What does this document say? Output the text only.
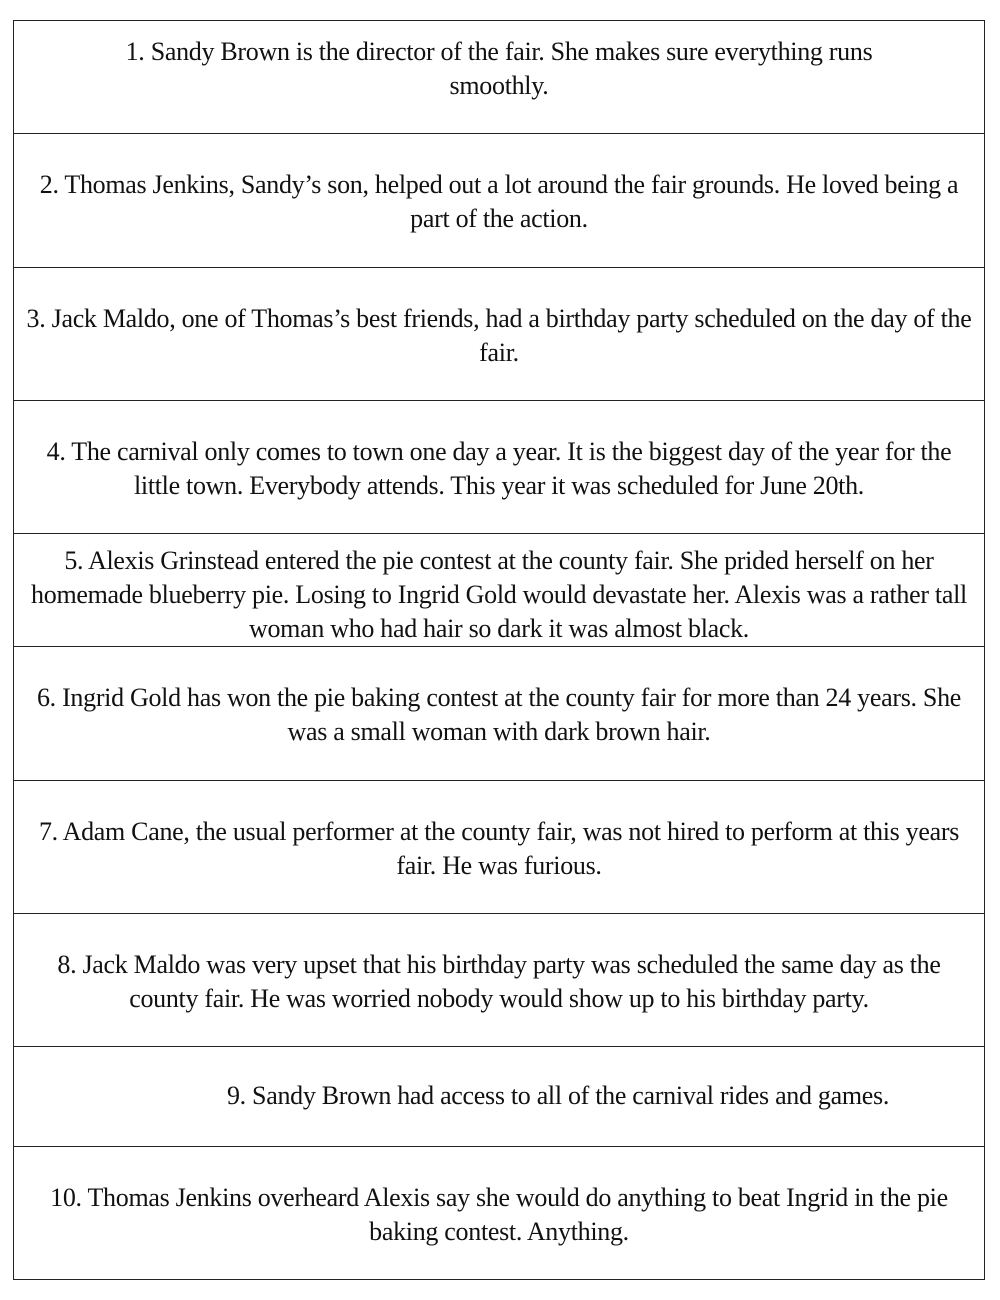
1. Sandy Brown is the director of the fair. She makes sure everything runs smoothly.
2. Thomas Jenkins, Sandy’s son, helped out a lot around the fair grounds. He loved being a part of the action.
3. Jack Maldo, one of Thomas’s best friends, had a birthday party scheduled on the day of the fair.
4. The carnival only comes to town one day a year. It is the biggest day of the year for the little town. Everybody attends. This year it was scheduled for June 20th.
5. Alexis Grinstead entered the pie contest at the county fair. She prided herself on her homemade blueberry pie. Losing to Ingrid Gold would devastate her. Alexis was a rather tall woman who had hair so dark it was almost black.
6. Ingrid Gold has won the pie baking contest at the county fair for more than 24 years. She was a small woman with dark brown hair.
7. Adam Cane, the usual performer at the county fair, was not hired to perform at this years fair. He was furious.
8. Jack Maldo was very upset that his birthday party was scheduled the same day as the county fair. He was worried nobody would show up to his birthday party.
9. Sandy Brown had access to all of the carnival rides and games.
10. Thomas Jenkins overheard Alexis say she would do anything to beat Ingrid in the pie baking contest. Anything.
